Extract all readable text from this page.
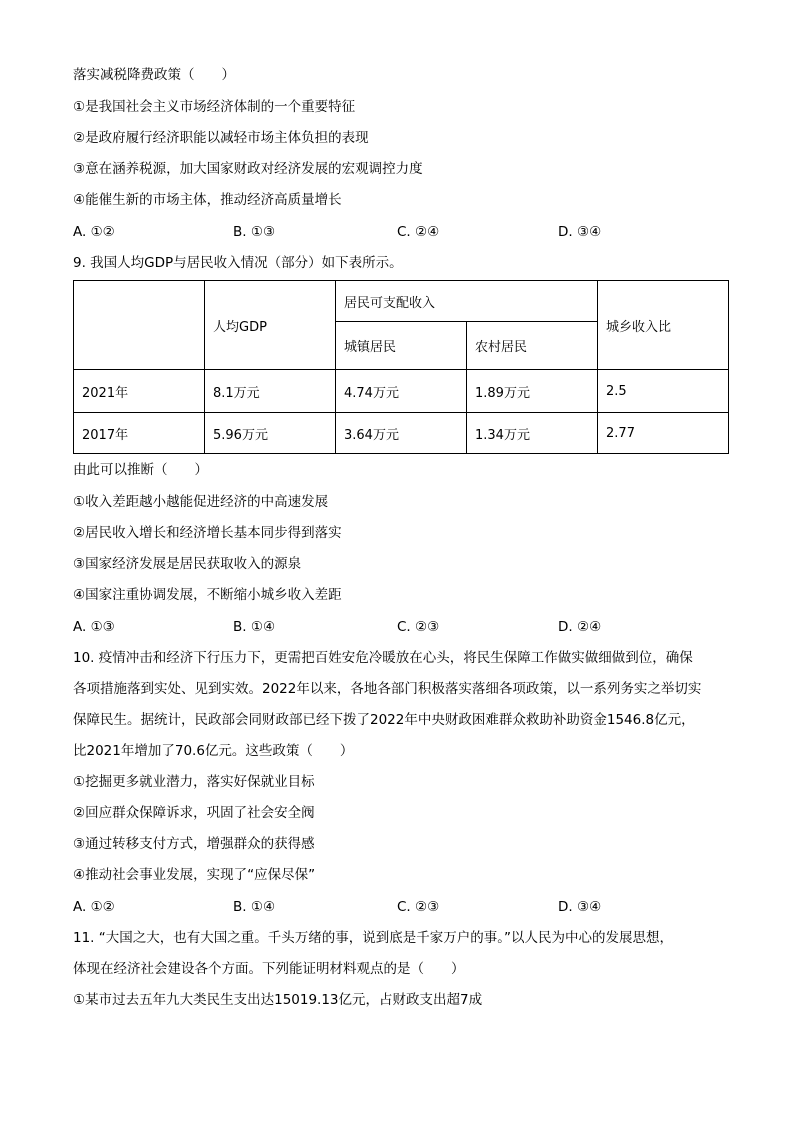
落实减税降费政策（　　）
①是我国社会主义市场经济体制的一个重要特征
②是政府履行经济职能以减轻市场主体负担的表现
③意在涵养税源，加大国家财政对经济发展的宏观调控力度
④能催生新的市场主体，推动经济高质量增长
A. ①②	B. ①③	C. ②④	D. ③④
9. 我国人均GDP与居民收入情况（部分）如下表所示。
	人均GDP	居民可支配收入		城乡收入比
		城镇居民	农村居民	
2021年	8.1万元	4.74万元	1.89万元	2.5
2017年	5.96万元	3.64万元	1.34万元	2.77
由此可以推断（　　）
①收入差距越小越能促进经济的中高速发展
②居民收入增长和经济增长基本同步得到落实
③国家经济发展是居民获取收入的源泉
④国家注重协调发展，不断缩小城乡收入差距
A. ①③	B. ①④	C. ②③	D. ②④
10. 疫情冲击和经济下行压力下，更需把百姓安危冷暖放在心头，将民生保障工作做实做细做到位，确保
各项措施落到实处、见到实效。2022年以来，各地各部门积极落实落细各项政策，以一系列务实之举切实
保障民生。据统计，民政部会同财政部已经下拨了2022年中央财政困难群众救助补助资金1546.8亿元，
比2021年增加了70.6亿元。这些政策（　　）
①挖掘更多就业潜力，落实好保就业目标
②回应群众保障诉求，巩固了社会安全阀
③通过转移支付方式，增强群众的获得感
④推动社会事业发展，实现了“应保尽保”
A. ①②	B. ①④	C. ②③	D. ③④
11. “大国之大，也有大国之重。千头万绪的事，说到底是千家万户的事。”以人民为中心的发展思想，
体现在经济社会建设各个方面。下列能证明材料观点的是（　　）
①某市过去五年九大类民生支出达15019.13亿元，占财政支出超7成
